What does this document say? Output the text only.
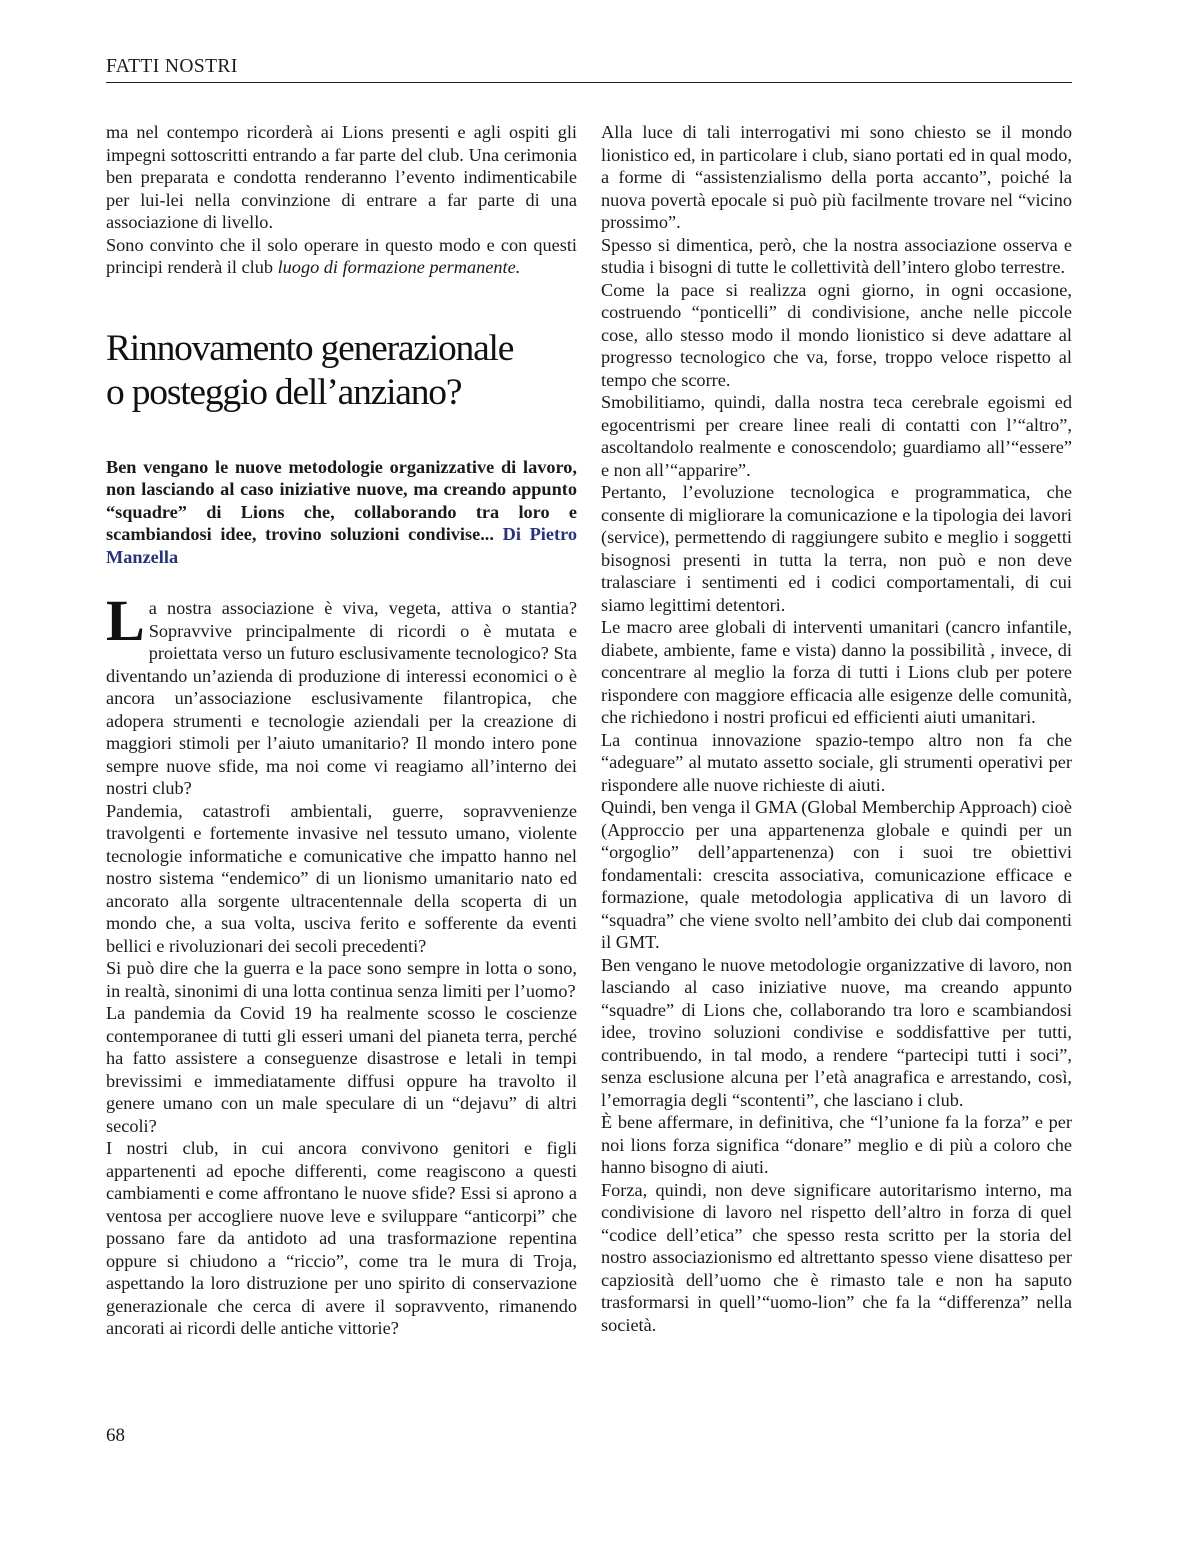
FATTI NOSTRI

ma nel contempo ricorderà ai Lions presenti e agli ospiti gli impegni sottoscritti entrando a far parte del club. Una cerimonia ben preparata e condotta renderanno l’evento indimenticabile per lui-lei nella convinzione di entrare a far parte di una associazione di livello.

Sono convinto che il solo operare in questo modo e con questi principi renderà il club luogo di formazione permanente.

Rinnovamento generazionale
o posteggio dell’anziano?

Ben vengano le nuove metodologie organizzative di lavoro, non lasciando al caso iniziative nuove, ma creando appunto “squadre” di Lions che, collaborando tra loro e scambiandosi idee, trovino soluzioni condivise... Di Pietro Manzella

La nostra associazione è viva, vegeta, attiva o stantia? Sopravvive principalmente di ricordi o è mutata e proiettata verso un futuro esclusivamente tecnologico? Sta diventando un’azienda di produzione di interessi economici o è ancora un’associazione esclusivamente filantropica, che adopera strumenti e tecnologie aziendali per la creazione di maggiori stimoli per l’aiuto umanitario? Il mondo intero pone sempre nuove sfide, ma noi come vi reagiamo all’interno dei nostri club?

Pandemia, catastrofi ambientali, guerre, sopravvenienze travolgenti e fortemente invasive nel tessuto umano, violente tecnologie informatiche e comunicative che impatto hanno nel nostro sistema “endemico” di un lionismo umanitario nato ed ancorato alla sorgente ultracentennale della scoperta di un mondo che, a sua volta, usciva ferito e sofferente da eventi bellici e rivoluzionari dei secoli precedenti?

Si può dire che la guerra e la pace sono sempre in lotta o sono, in realtà, sinonimi di una lotta continua senza limiti per l’uomo?

La pandemia da Covid 19 ha realmente scosso le coscienze contemporanee di tutti gli esseri umani del pianeta terra, perché ha fatto assistere a conseguenze disastrose e letali in tempi brevissimi e immediatamente diffusi oppure ha travolto il genere umano con un male speculare di un “dejavu” di altri secoli?

I nostri club, in cui ancora convivono genitori e figli appartenenti ad epoche differenti, come reagiscono a questi cambiamenti e come affrontano le nuove sfide? Essi si aprono a ventosa per accogliere nuove leve e sviluppare “anticorpi” che possano fare da antidoto ad una trasformazione repentina oppure si chiudono a “riccio”, come tra le mura di Troja, aspettando la loro distruzione per uno spirito di conservazione generazionale che cerca di avere il sopravvento, rimanendo ancorati ai ricordi delle antiche vittorie?

Alla luce di tali interrogativi mi sono chiesto se il mondo lionistico ed, in particolare i club, siano portati ed in qual modo, a forme di “assistenzialismo della porta accanto”, poiché la nuova povertà epocale si può più facilmente trovare nel “vicino prossimo”.

Spesso si dimentica, però, che la nostra associazione osserva e studia i bisogni di tutte le collettività dell’intero globo terrestre.

Come la pace si realizza ogni giorno, in ogni occasione, costruendo “ponticelli” di condivisione, anche nelle piccole cose, allo stesso modo il mondo lionistico si deve adattare al progresso tecnologico che va, forse, troppo veloce rispetto al tempo che scorre.

Smobilitiamo, quindi, dalla nostra teca cerebrale egoismi ed egocentrismi per creare linee reali di contatti con l’“altro”, ascoltandolo realmente e conoscendolo; guardiamo all’“essere” e non all’“apparire”.

Pertanto, l’evoluzione tecnologica e programmatica, che consente di migliorare la comunicazione e la tipologia dei lavori (service), permettendo di raggiungere subito e meglio i soggetti bisognosi presenti in tutta la terra, non può e non deve tralasciare i sentimenti ed i codici comportamentali, di cui siamo legittimi detentori.

Le macro aree globali di interventi umanitari (cancro infantile, diabete, ambiente, fame e vista) danno la possibilità , invece, di concentrare al meglio la forza di tutti i Lions club per potere rispondere con maggiore efficacia alle esigenze delle comunità, che richiedono i nostri proficui ed efficienti aiuti umanitari.

La continua innovazione spazio-tempo altro non fa che “adeguare” al mutato assetto sociale, gli strumenti operativi per rispondere alle nuove richieste di aiuti.

Quindi, ben venga il GMA (Global Memberchip Approach) cioè (Approccio per una appartenenza globale e quindi per un “orgoglio” dell’appartenenza) con i suoi tre obiettivi fondamentali: crescita associativa, comunicazione efficace e formazione, quale metodologia applicativa di un lavoro di “squadra” che viene svolto nell’ambito dei club dai componenti il GMT.

Ben vengano le nuove metodologie organizzative di lavoro, non lasciando al caso iniziative nuove, ma creando appunto “squadre” di Lions che, collaborando tra loro e scambiandosi idee, trovino soluzioni condivise e soddisfattive per tutti, contribuendo, in tal modo, a rendere “partecipi tutti i soci”, senza esclusione alcuna per l’età anagrafica e arrestando, così, l’emorragia degli “scontenti”, che lasciano i club.

È bene affermare, in definitiva, che “l’unione fa la forza” e per noi lions forza significa “donare” meglio e di più a coloro che hanno bisogno di aiuti.

Forza, quindi, non deve significare autoritarismo interno, ma condivisione di lavoro nel rispetto dell’altro in forza di quel “codice dell’etica” che spesso resta scritto per la storia del nostro associazionismo ed altrettanto spesso viene disatteso per capziosità dell’uomo che è rimasto tale e non ha saputo trasformarsi in quell’“uomo-lion” che fa la “differenza” nella società.

68
